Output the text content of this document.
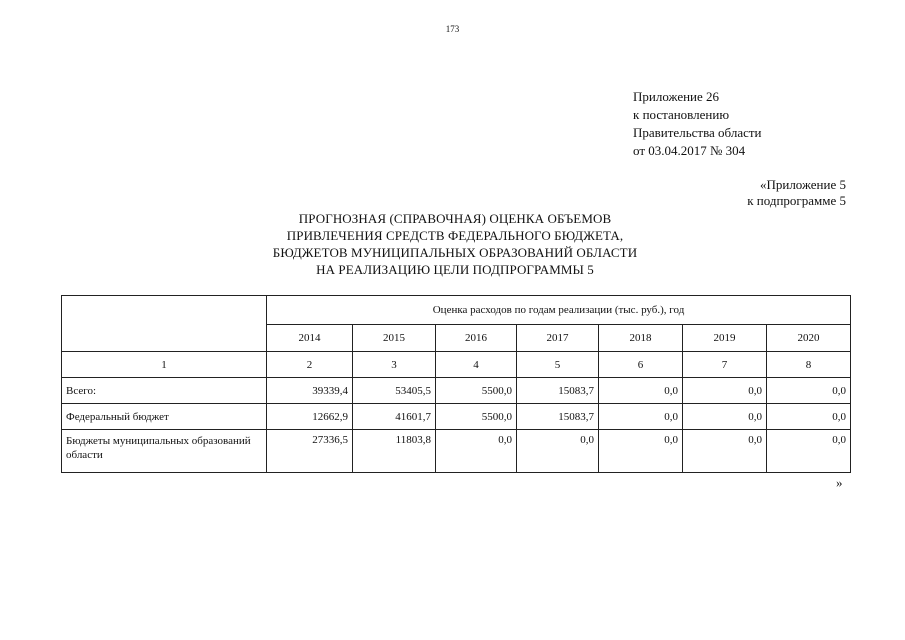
173
Приложение 26
к постановлению
Правительства области
от 03.04.2017 № 304
«Приложение 5
к подпрограмме 5
ПРОГНОЗНАЯ (СПРАВОЧНАЯ) ОЦЕНКА ОБЪЕМОВ
ПРИВЛЕЧЕНИЯ СРЕДСТВ ФЕДЕРАЛЬНОГО БЮДЖЕТА,
БЮДЖЕТОВ МУНИЦИПАЛЬНЫХ ОБРАЗОВАНИЙ ОБЛАСТИ
НА РЕАЛИЗАЦИЮ ЦЕЛИ ПОДПРОГРАММЫ 5
	Оценка расходов по годам реализации (тыс. руб.), год						
	2014	2015	2016	2017	2018	2019	2020
1	2	3	4	5	6	7	8
Всего:	39339,4	53405,5	5500,0	15083,7	0,0	0,0	0,0
Федеральный бюджет	12662,9	41601,7	5500,0	15083,7	0,0	0,0	0,0
Бюджеты муниципальных образований области	27336,5	11803,8	0,0	0,0	0,0	0,0	0,0
»
